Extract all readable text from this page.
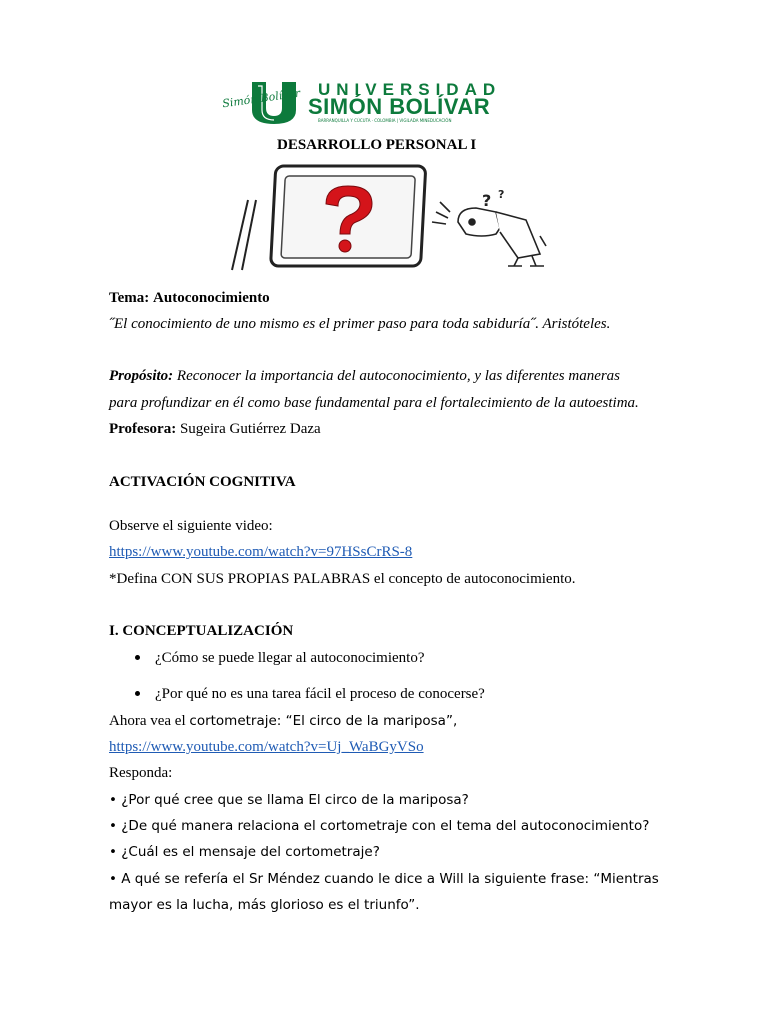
Simón Bolívar UNIVERSIDAD
SIMÓN BOLÍVAR
BARRANQUILLA Y CÚCUTA · COLOMBIA | VIGILADA MINEDUCACIÓN
DESARROLLO PERSONAL I
? ?
Tema: Autoconocimiento
˝El conocimiento de uno mismo es el primer paso para toda sabiduría˝. Aristóteles.
Propósito: Reconocer la importancia del autoconocimiento, y las diferentes maneras
para profundizar en él como base fundamental para el fortalecimiento de la autoestima.
Profesora: Sugeira Gutiérrez Daza
ACTIVACIÓN COGNITIVA
Observe el siguiente video:
https://www.youtube.com/watch?v=97HSsCrRS-8
*Defina CON SUS PROPIAS PALABRAS el concepto de autoconocimiento.
I. CONCEPTUALIZACIÓN
¿Cómo se puede llegar al autoconocimiento?
¿Por qué no es una tarea fácil el proceso de conocerse?
Ahora vea el cortometraje: “El circo de la mariposa”,
https://www.youtube.com/watch?v=Uj_WaBGyVSo
Responda:
• ¿Por qué cree que se llama El circo de la mariposa?
• ¿De qué manera relaciona el cortometraje con el tema del autoconocimiento?
• ¿Cuál es el mensaje del cortometraje?
• A qué se refería el Sr Méndez cuando le dice a Will la siguiente frase: “Mientras
mayor es la lucha, más glorioso es el triunfo”.
